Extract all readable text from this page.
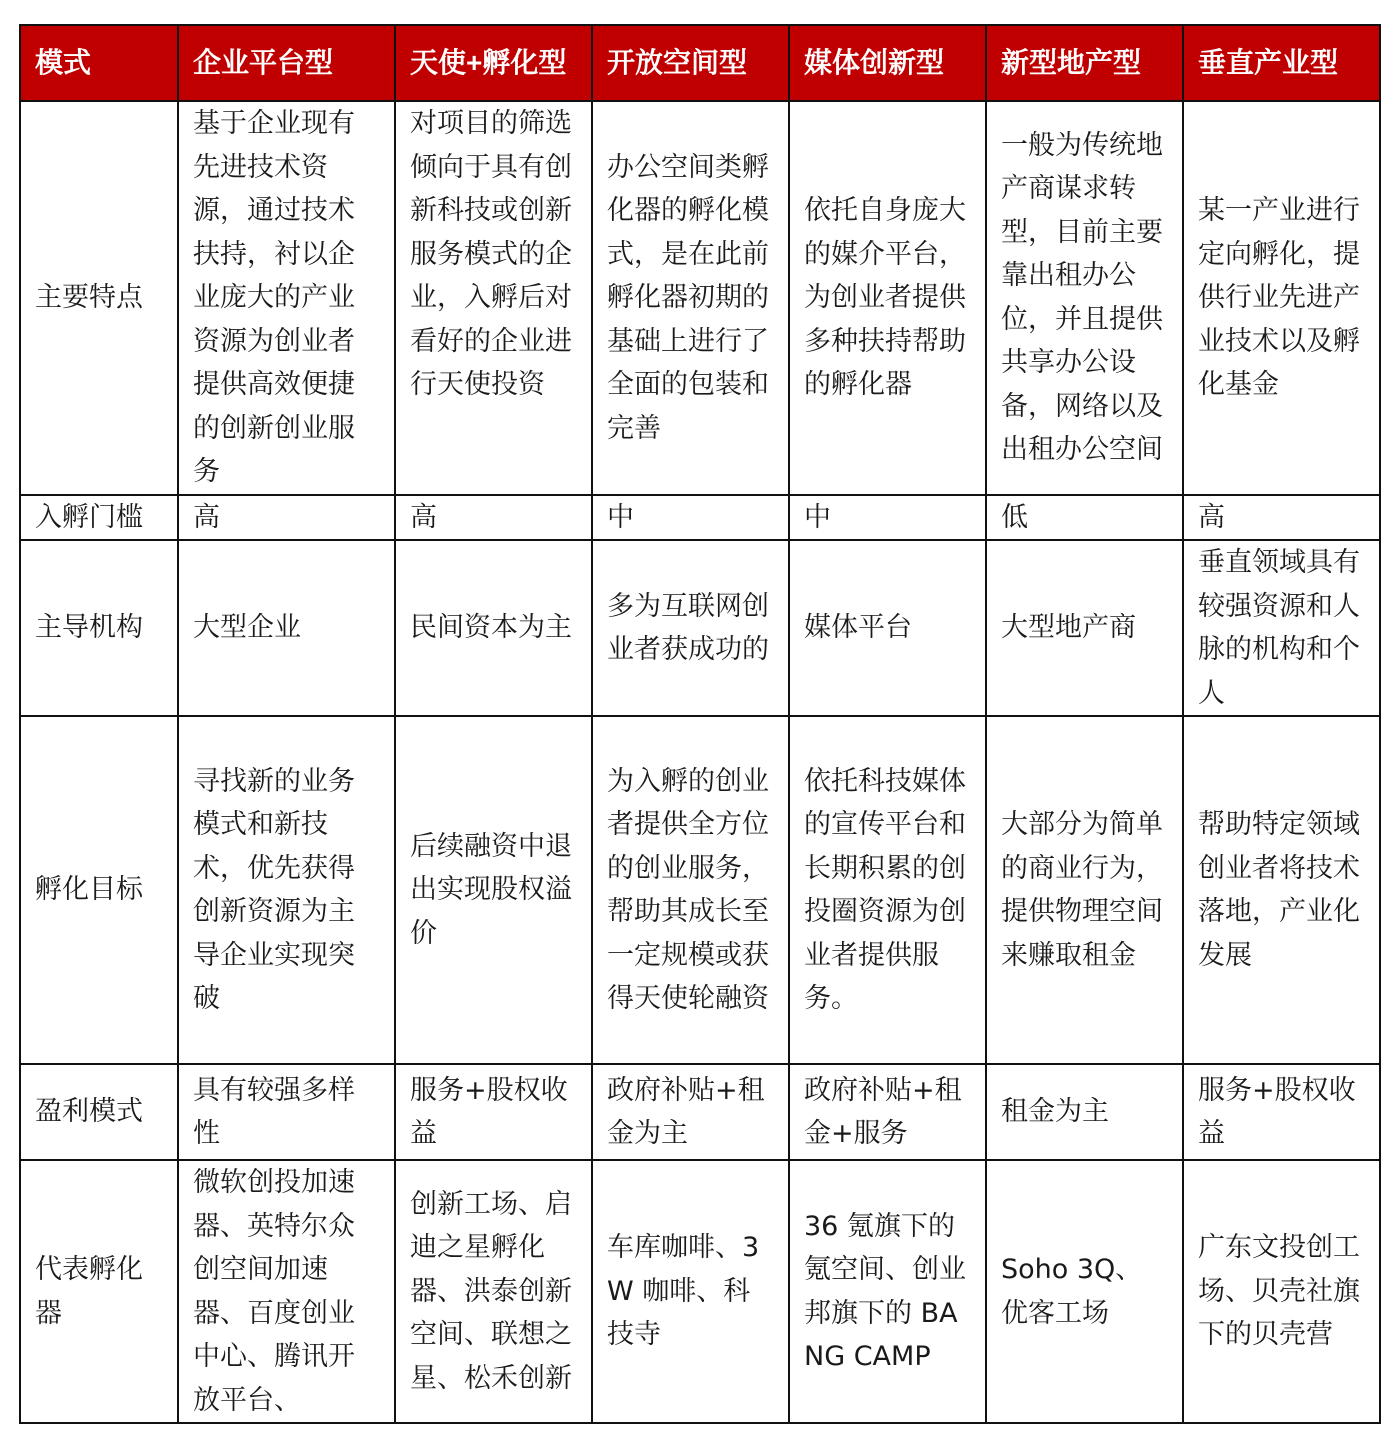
模式	企业平台型	天使+孵化型	开放空间型	媒体创新型	新型地产型	垂直产业型
主要特点	基于企业现有先进技术资源，通过技术扶持，衬以企业庞大的产业资源为创业者提供高效便捷的创新创业服务	对项目的筛选倾向于具有创新科技或创新服务模式的企业，入孵后对看好的企业进行天使投资	办公空间类孵化器的孵化模式，是在此前孵化器初期的基础上进行了全面的包装和完善	依托自身庞大的媒介平台，为创业者提供多种扶持帮助的孵化器	一般为传统地产商谋求转型，目前主要靠出租办公位，并且提供共享办公设备，网络以及出租办公空间	某一产业进行定向孵化，提供行业先进产业技术以及孵化基金
入孵门槛	高	高	中	中	低	高
主导机构	大型企业	民间资本为主	多为互联网创业者获成功的	媒体平台	大型地产商	垂直领域具有较强资源和人脉的机构和个人
孵化目标	寻找新的业务模式和新技术，优先获得创新资源为主导企业实现突破	后续融资中退出实现股权溢价	为入孵的创业者提供全方位的创业服务，帮助其成长至一定规模或获得天使轮融资	依托科技媒体的宣传平台和长期积累的创投圈资源为创业者提供服务。	大部分为简单的商业行为，提供物理空间来赚取租金	帮助特定领域创业者将技术落地，产业化发展
盈利模式	具有较强多样性	服务+股权收益	政府补贴+租金为主	政府补贴+租金+服务	租金为主	服务+股权收益
代表孵化器	微软创投加速器、英特尔众创空间加速器、百度创业中心、腾讯开放平台、	创新工场、启迪之星孵化器、洪泰创新空间、联想之星、松禾创新	车库咖啡、3W 咖啡、科技寺	36 氪旗下的氪空间、创业邦旗下的 BANG CAMP	Soho 3Q、优客工场	广东文投创工场、贝壳社旗下的贝壳营
